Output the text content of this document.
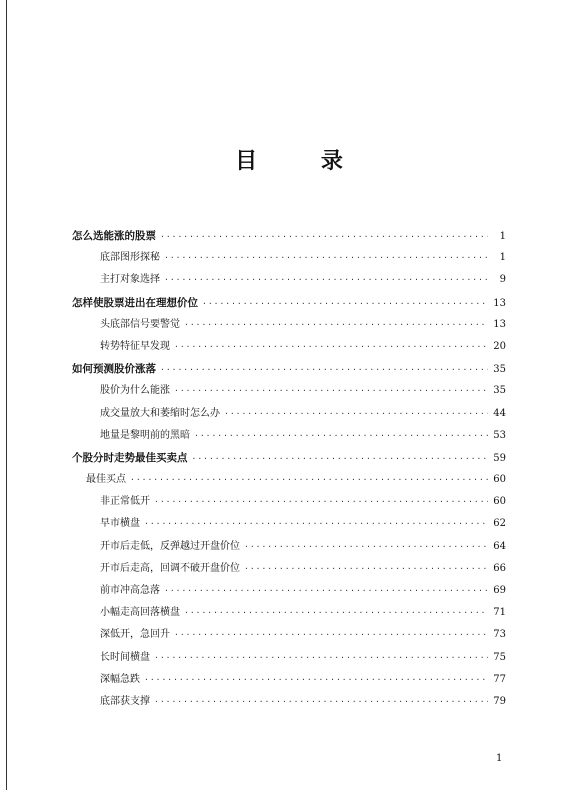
目 录
怎么选能涨的股票 ·····	1
底部图形探秘 ·····	1
主打对象选择 ·····	9
怎样使股票进出在理想价位 ·····	13
头底部信号要警觉 ·····	13
转势特征早发现 ·····	20
如何预测股价涨落 ·····	35
股价为什么能涨 ·····	35
成交量放大和萎缩时怎么办 ·····	44
地量是黎明前的黑暗 ·····	53
个股分时走势最佳买卖点 ·····	59
最佳买点 ·····	60
非正常低开 ·····	60
早市横盘 ·····	62
开市后走低，反弹越过开盘价位 ·····	64
开市后走高，回调不破开盘价位 ·····	66
前市冲高急落 ·····	69
小幅走高回落横盘 ·····	71
深低开，急回升 ·····	73
长时间横盘 ·····	75
深幅急跌 ·····	77
底部获支撑 ·····	79
1
